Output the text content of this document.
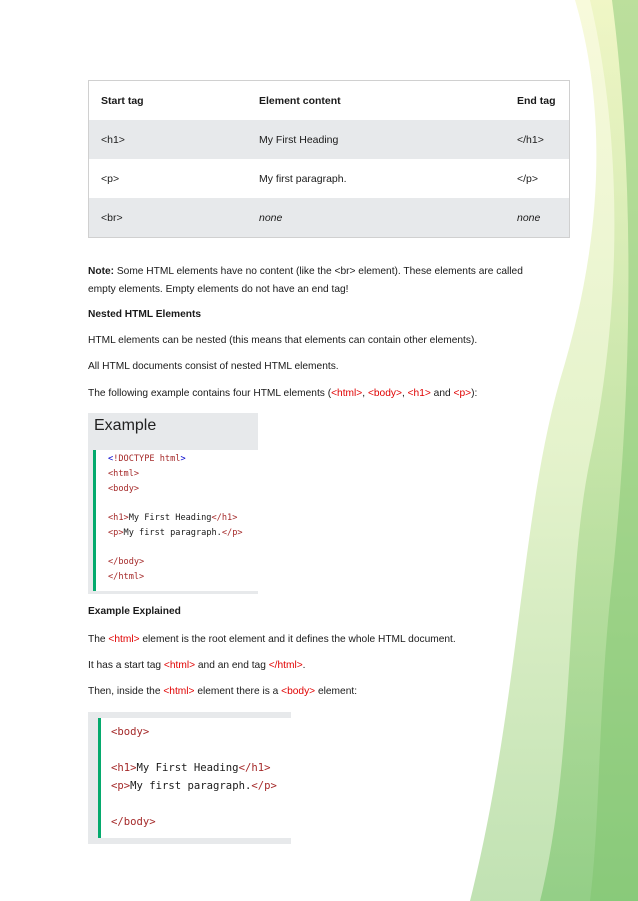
Start tag	Element content	End tag
<h1>	My First Heading	</h1>
<p>	My first paragraph.	</p>
<br>	none	none
Note: Some HTML elements have no content (like the <br> element). These elements are called
empty elements. Empty elements do not have an end tag!
Nested HTML Elements
HTML elements can be nested (this means that elements can contain other elements).
All HTML documents consist of nested HTML elements.
The following example contains four HTML elements (<html>, <body>, <h1> and <p>):
Example
<!DOCTYPE html>
<html>
<body>
<h1>My First Heading</h1>
<p>My first paragraph.</p>
</body>
</html>
Example Explained
The <html> element is the root element and it defines the whole HTML document.
It has a start tag <html> and an end tag </html>.
Then, inside the <html> element there is a <body> element:
<body>
<h1>My First Heading</h1>
<p>My first paragraph.</p>
</body>
